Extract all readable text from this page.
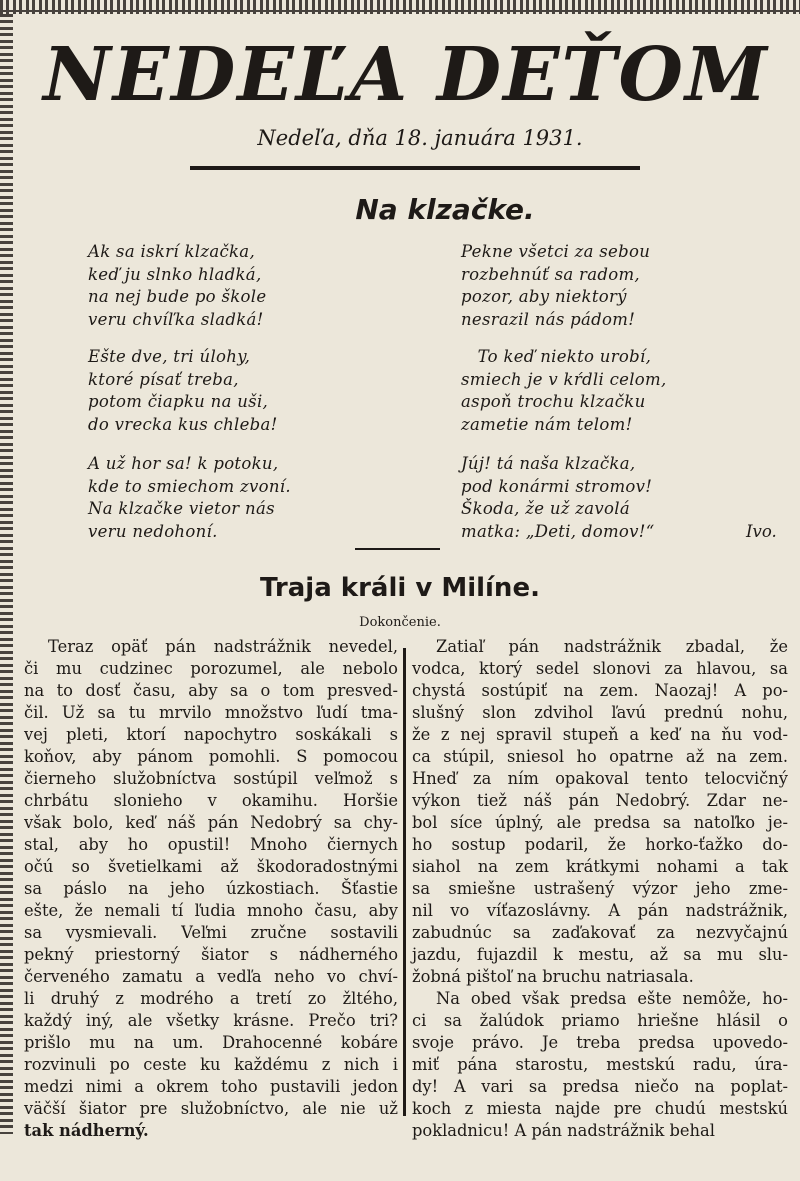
NEDEĽA DEŤOM
Nedeľa, dňa 18. januára 1931.
Na klzačke.
Ak sa iskrí klzačka,
keď ju slnko hladká,
na nej bude po škole
veru chvíľka sladká!
Ešte dve, tri úlohy,
ktoré písať treba,
potom čiapku na uši,
do vrecka kus chleba!
A už hor sa! k potoku,
kde to smiechom zvoní.
Na klzačke vietor nás
veru nedohoní.
Pekne všetci za sebou
rozbehnúť sa radom,
pozor, aby niektorý
nesrazil nás pádom!
To keď niekto urobí,
smiech je v kŕdli celom,
aspoň trochu klzačku
zametie nám telom!
Júj! tá naša klzačka,
pod konármi stromov!
Škoda, že už zavolá
matka: „Deti, domov!“	Ivo.
Traja králi v Milíne.
Dokončenie.
Teraz opäť pán nadstrážnik nevedel,
či mu cudzinec porozumel, ale nebolo
na to dosť času, aby sa o tom presved-
čil. Už sa tu mrvilo množstvo ľudí tma-
vej pleti, ktorí napochytro soskákali s
koňov, aby pánom pomohli. S pomocou
čierneho služobníctva sostúpil veľmož s
chrbátu slonieho v okamihu. Horšie
však bolo, keď náš pán Nedobrý sa chy-
stal, aby ho opustil! Mnoho čiernych
očú so švetielkami až škodoradostnými
sa páslo na jeho úzkostiach. Šťastie
ešte, že nemali tí ľudia mnoho času, aby
sa vysmievali. Veľmi zručne sostavili
pekný priestorný šiator s nádherného
červeného zamatu a vedľa neho vo chví-
li druhý z modrého a tretí zo žltého,
každý iný, ale všetky krásne. Prečo tri?
prišlo mu na um. Drahocenné kobáre
rozvinuli po ceste ku každému z nich i
medzi nimi a okrem toho pustavili jedon
väčší šiator pre služobníctvo, ale nie už
tak nádherný.
Zatiaľ pán nadstrážnik zbadal, že
vodca, ktorý sedel slonovi za hlavou, sa
chystá sostúpiť na zem. Naozaj! A po-
slušný slon zdvihol ľavú prednú nohu,
že z nej spravil stupeň a keď na ňu vod-
ca stúpil, sniesol ho opatrne až na zem.
Hneď za ním opakoval tento telocvičný
výkon tiež náš pán Nedobrý. Zdar ne-
bol síce úplný, ale predsa sa natoľko je-
ho sostup podaril, že horko-ťažko do-
siahol na zem krátkymi nohami a tak
sa smiešne ustrašený výzor jeho zme-
nil vo víťazoslávny. A pán nadstrážnik,
zabudnúc sa zaďakovať za nezvyčajnú
jazdu, fujazdil k mestu, až sa mu slu-
žobná pištoľ na bruchu natriasala.
Na obed však predsa ešte nemôže, ho-
ci sa žalúdok priamo hriešne hlásil o
svoje právo. Je treba predsa upovedo-
miť pána starostu, mestskú radu, úra-
dy! A vari sa predsa niečo na poplat-
koch z miesta najde pre chudú mestskú
pokladnicu! A pán nadstrážnik behal
